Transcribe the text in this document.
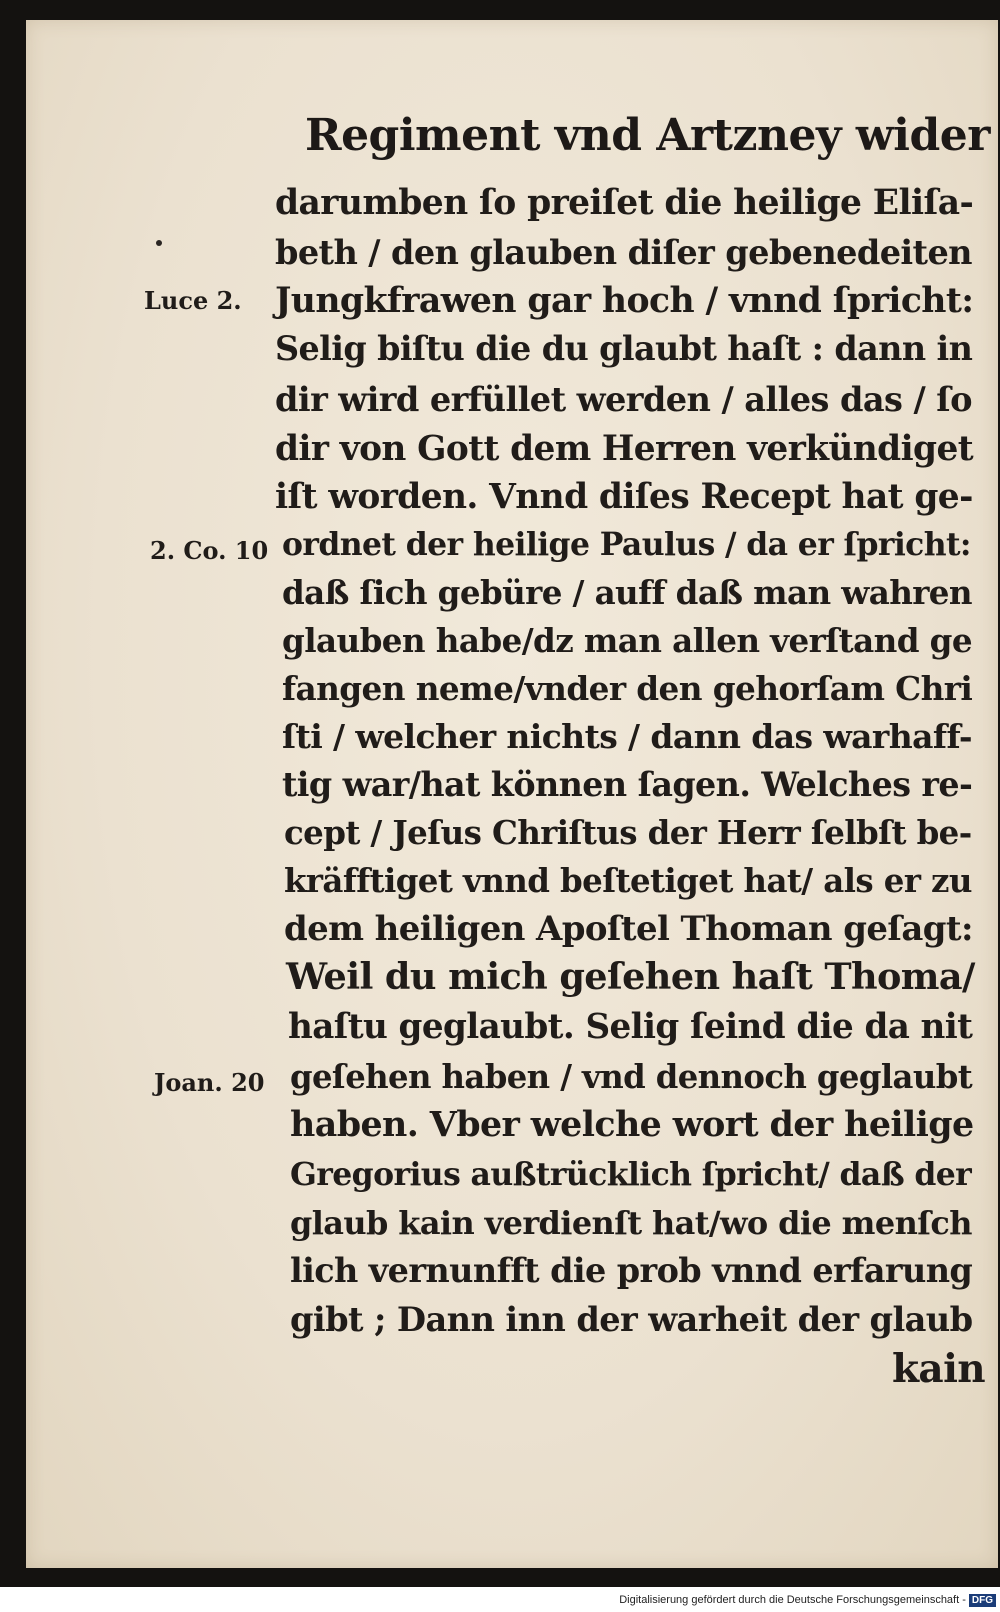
Regiment vnd Artzney wider
Luce 2.
2. Co. 10
Joan. 20
darumben ſo preiſet die heilige Eliſa-
beth / den glauben diſer gebenedeiten
Jungkfrawen gar hoch / vnnd ſpricht:
Selig biſtu die du glaubt haſt : dann in
dir wird erfüllet werden / alles das / ſo
dir von Gott dem Herren verkündiget
iſt worden. Vnnd diſes Recept hat ge-
ordnet der heilige Paulus / da er ſpricht:
daß ſich gebüre / auff daß man wahren
glauben habe/dz man allen verſtand ge
fangen neme/vnder den gehorſam Chri
ſti / welcher nichts / dann das warhaff-
tig war/hat können ſagen. Welches re-
cept / Jeſus Chriſtus der Herr ſelbſt be-
kräfftiget vnnd beſtetiget hat/ als er zu
dem heiligen Apoſtel Thoman geſagt:
Weil du mich geſehen haſt Thoma/
haſtu geglaubt. Selig ſeind die da nit
geſehen haben / vnd dennoch geglaubt
haben. Vber welche wort der heilige
Gregorius außtrücklich ſpricht/ daß der
glaub kain verdienſt hat/wo die menſch
lich vernunfft die prob vnnd erfarung
gibt ; Dann inn der warheit der glaub
kain
Digitalisierung gefördert durch die Deutsche Forschungsgemeinschaft - DFG
